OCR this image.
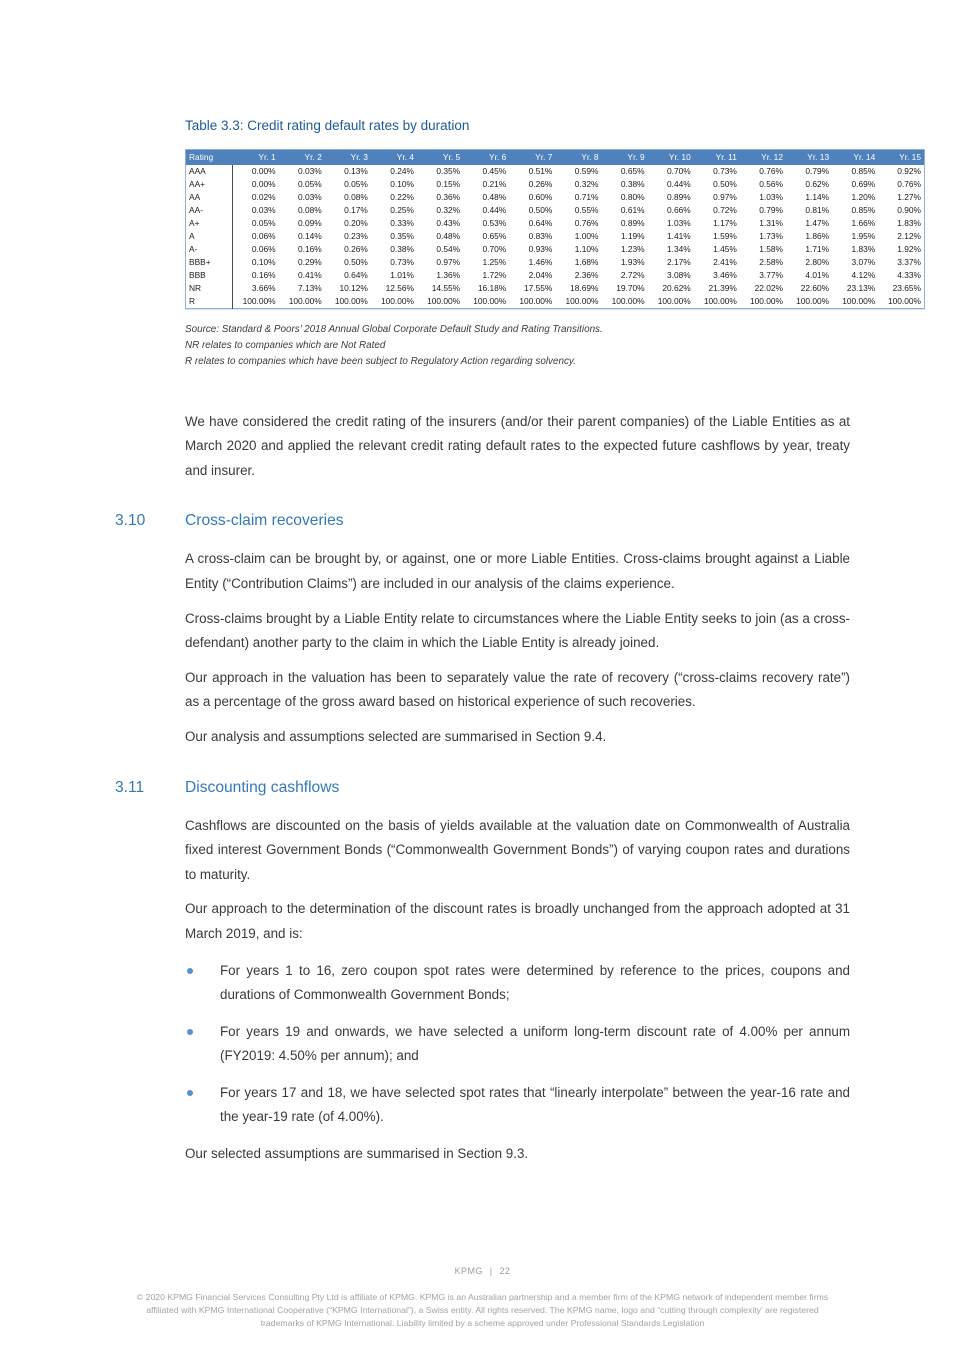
Table 3.3: Credit rating default rates by duration
Rating	Yr. 1	Yr. 2	Yr. 3	Yr. 4	Yr. 5	Yr. 6	Yr. 7	Yr. 8	Yr. 9	Yr. 10	Yr. 11	Yr. 12	Yr. 13	Yr. 14	Yr. 15
AAA	0.00%	0.03%	0.13%	0.24%	0.35%	0.45%	0.51%	0.59%	0.65%	0.70%	0.73%	0.76%	0.79%	0.85%	0.92%
AA+	0.00%	0.05%	0.05%	0.10%	0.15%	0.21%	0.26%	0.32%	0.38%	0.44%	0.50%	0.56%	0.62%	0.69%	0.76%
AA	0.02%	0.03%	0.08%	0.22%	0.36%	0.48%	0.60%	0.71%	0.80%	0.89%	0.97%	1.03%	1.14%	1.20%	1.27%
AA-	0.03%	0.08%	0.17%	0.25%	0.32%	0.44%	0.50%	0.55%	0.61%	0.66%	0.72%	0.79%	0.81%	0.85%	0.90%
A+	0.05%	0.09%	0.20%	0.33%	0.43%	0.53%	0.64%	0.76%	0.89%	1.03%	1.17%	1.31%	1.47%	1.66%	1.83%
A	0.06%	0.14%	0.23%	0.35%	0.48%	0.65%	0.83%	1.00%	1.19%	1.41%	1.59%	1.73%	1.86%	1.95%	2.12%
A-	0.06%	0.16%	0.26%	0.38%	0.54%	0.70%	0.93%	1.10%	1.23%	1.34%	1.45%	1.58%	1.71%	1.83%	1.92%
BBB+	0.10%	0.29%	0.50%	0.73%	0.97%	1.25%	1.46%	1.68%	1.93%	2.17%	2.41%	2.58%	2.80%	3.07%	3.37%
BBB	0.16%	0.41%	0.64%	1.01%	1.36%	1.72%	2.04%	2.36%	2.72%	3.08%	3.46%	3.77%	4.01%	4.12%	4.33%
NR	3.66%	7.13%	10.12%	12.56%	14.55%	16.18%	17.55%	18.69%	19.70%	20.62%	21.39%	22.02%	22.60%	23.13%	23.65%
R	100.00%	100.00%	100.00%	100.00%	100.00%	100.00%	100.00%	100.00%	100.00%	100.00%	100.00%	100.00%	100.00%	100.00%	100.00%
Source: Standard & Poors’ 2018 Annual Global Corporate Default Study and Rating Transitions.
NR relates to companies which are Not Rated
R relates to companies which have been subject to Regulatory Action regarding solvency.

We have considered the credit rating of the insurers (and/or their parent companies) of the Liable Entities as at March 2020 and applied the relevant credit rating default rates to the expected future cashflows by year, treaty and insurer.

3.10	Cross-claim recoveries

A cross-claim can be brought by, or against, one or more Liable Entities. Cross-claims brought against a Liable Entity (“Contribution Claims”) are included in our analysis of the claims experience.

Cross-claims brought by a Liable Entity relate to circumstances where the Liable Entity seeks to join (as a cross-defendant) another party to the claim in which the Liable Entity is already joined.

Our approach in the valuation has been to separately value the rate of recovery (“cross-claims recovery rate”) as a percentage of the gross award based on historical experience of such recoveries.

Our analysis and assumptions selected are summarised in Section 9.4.

3.11	Discounting cashflows

Cashflows are discounted on the basis of yields available at the valuation date on Commonwealth of Australia fixed interest Government Bonds (“Commonwealth Government Bonds”) of varying coupon rates and durations to maturity.

Our approach to the determination of the discount rates is broadly unchanged from the approach adopted at 31 March 2019, and is:

For years 1 to 16, zero coupon spot rates were determined by reference to the prices, coupons and durations of Commonwealth Government Bonds;
For years 19 and onwards, we have selected a uniform long-term discount rate of 4.00% per annum (FY2019: 4.50% per annum); and
For years 17 and 18, we have selected spot rates that “linearly interpolate” between the year-16 rate and the year-19 rate (of 4.00%).

Our selected assumptions are summarised in Section 9.3.

KPMG | 22
© 2020 KPMG Financial Services Consulting Pty Ltd is affiliate of KPMG. KPMG is an Australian partnership and a member firm of the KPMG network of independent member firms
affiliated with KPMG International Cooperative (“KPMG International”), a Swiss entity. All rights reserved. The KPMG name, logo and “cutting through complexity’ are registered
trademarks of KPMG International. Liability limited by a scheme approved under Professional Standards Legislation
